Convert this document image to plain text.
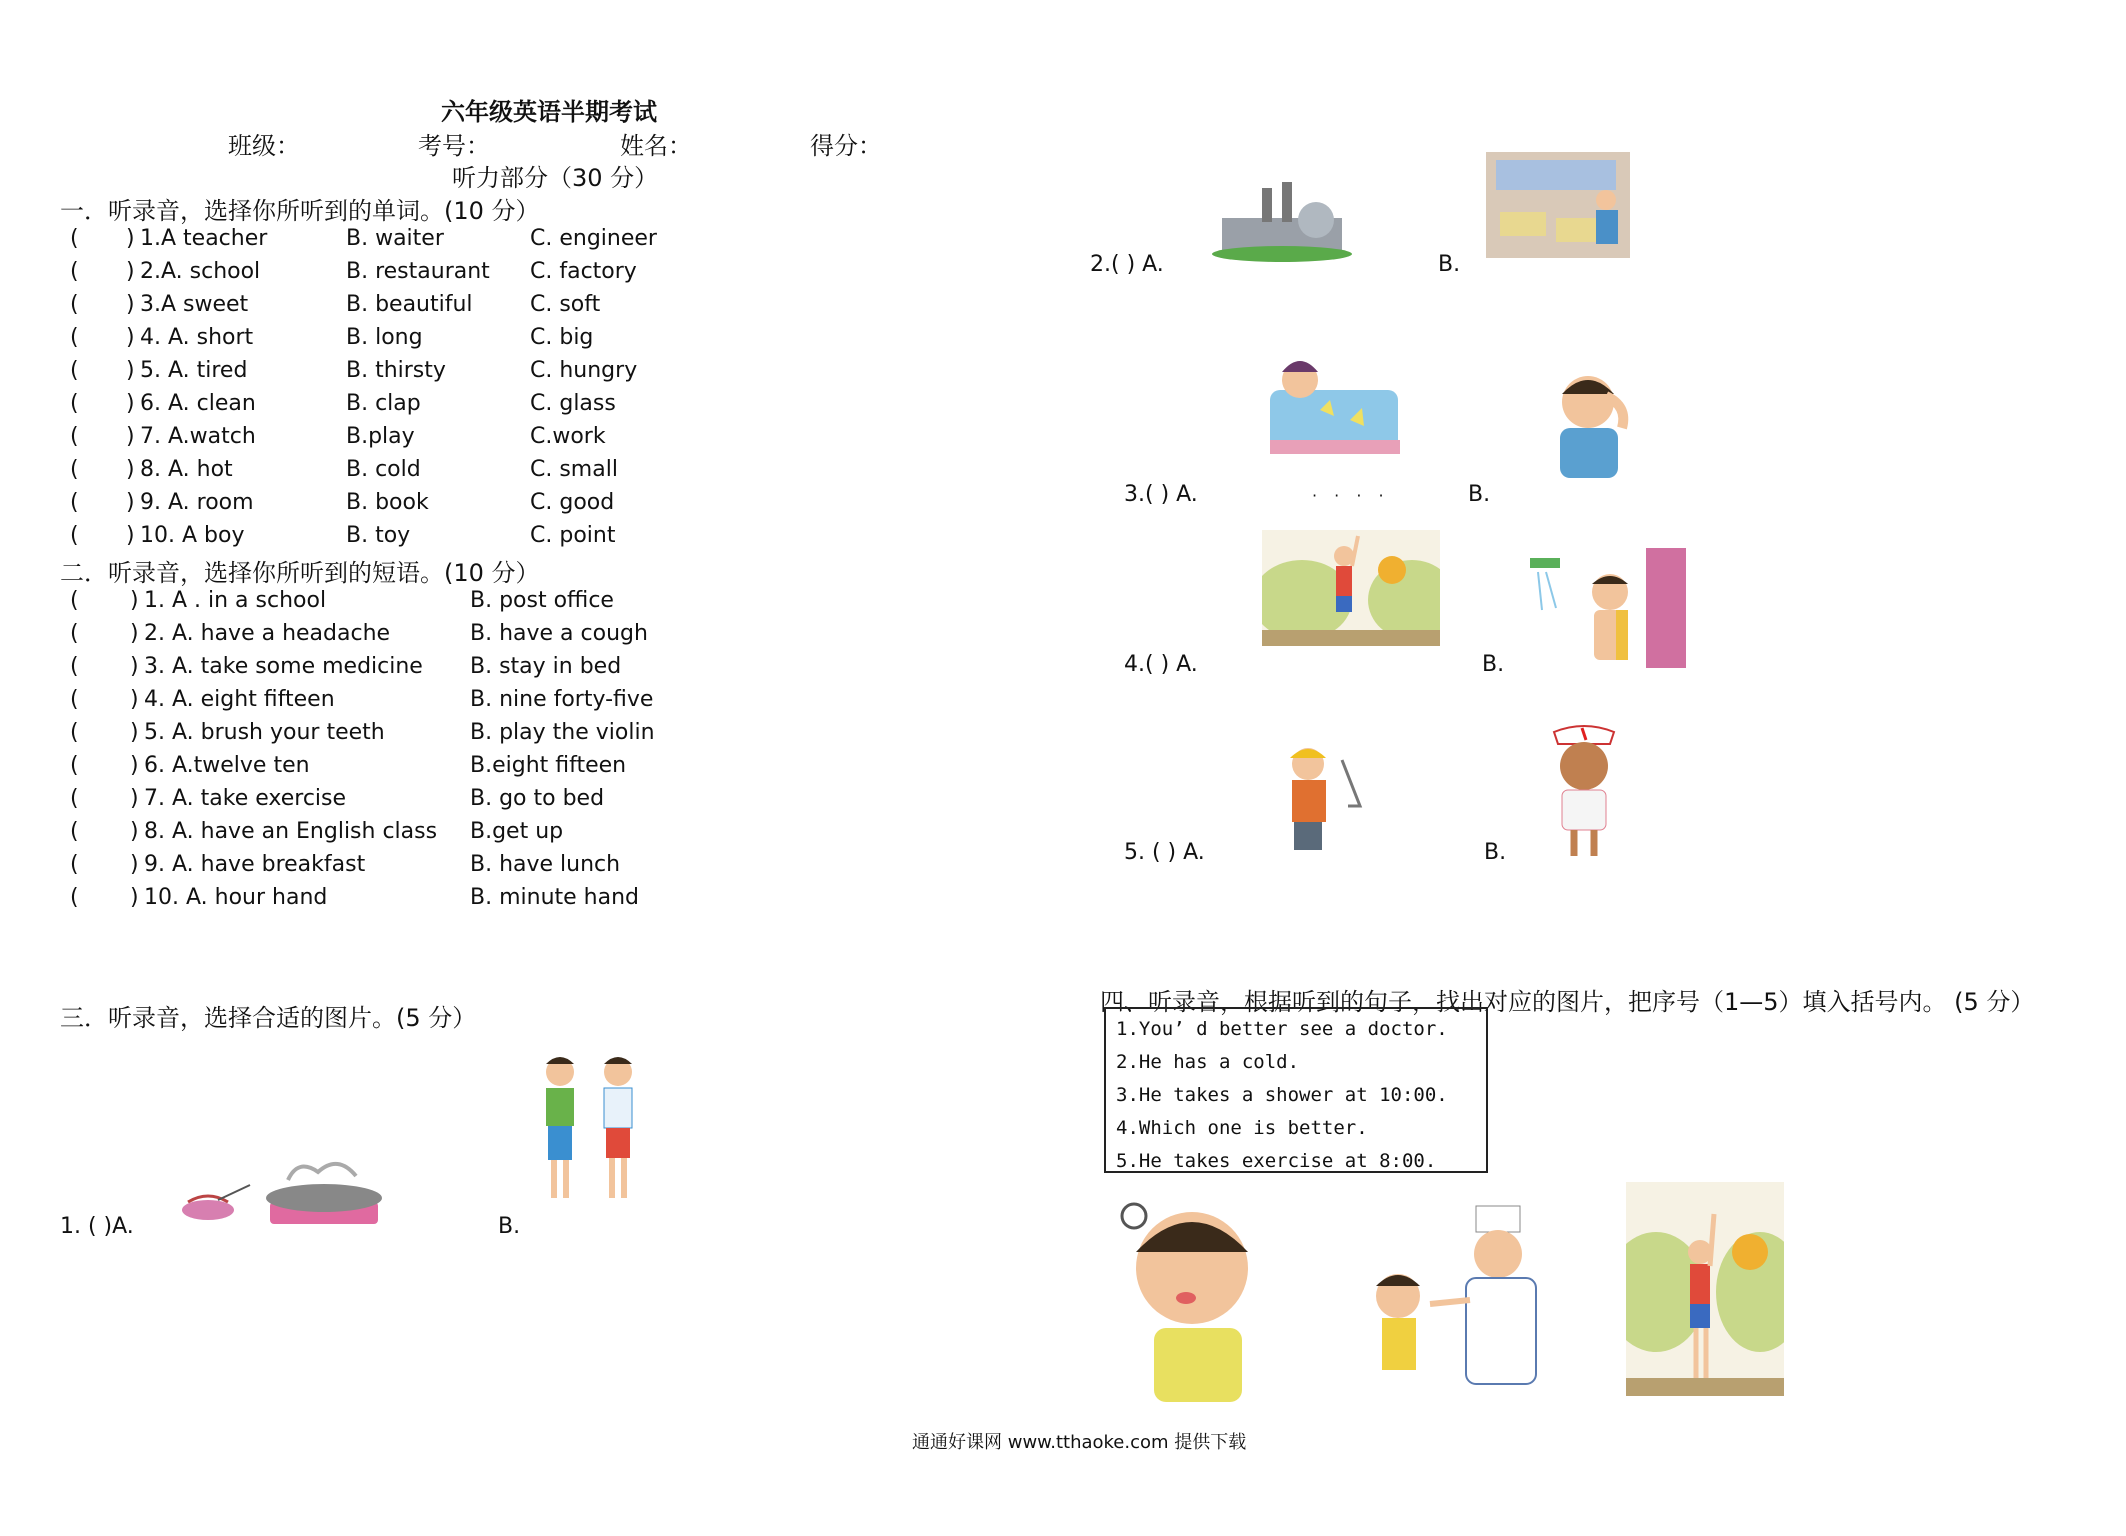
六年级英语半期考试
班级：	考号：	姓名：	得分：
听力部分（30 分）
一．听录音，选择你所听到的单词。(10 分）
( ) 1.A teacher	B. waiter	C. engineer
( ) 2.A. school	B. restaurant C. factory
( ) 3.A sweet	B. beautiful	C. soft
( ) 4. A. short	B. long	C. big
( ) 5. A. tired	B. thirsty	C. hungry
( ) 6. A. clean	B. clap	C. glass
( ) 7. A.watch	B.play	C.work
( ) 8. A. hot	B. cold	C. small
( ) 9. A. room	B. book	C. good
( ) 10. A boy	B. toy	C. point
二．听录音，选择你所听到的短语。(10 分）
( ) 1. A . in a school	B. post office
( ) 2. A. have a headache	B. have a cough
( ) 3. A. take some medicine B. stay in bed
( ) 4. A. eight fifteen	B. nine forty-five
( ) 5. A. brush your teeth	B. play the violin
( ) 6. A.twelve ten	B.eight fifteen
( ) 7. A. take exercise	B. go to bed
( ) 8. A. have an English class B.get up
( ) 9. A. have breakfast	B. have lunch
( ) 10. A. hour hand	B. minute hand
三．听录音，选择合适的图片。(5 分）
1. ( )A.	B.
2.( ) A.	B.
3.( ) A.	· · · ·	B.
4.( ) A.	B.
5. ( ) A.	B.
四、听录音，根据听到的句子，找出对应的图片，把序号（1—5）填入括号内。 (5 分）
1.You’ d better see a doctor.
2.He has a cold.
3.He takes a shower at 10:00.
4.Which one is better.
5.He takes exercise at 8:00.
通通好课网 www.tthaoke.com 提供下载
